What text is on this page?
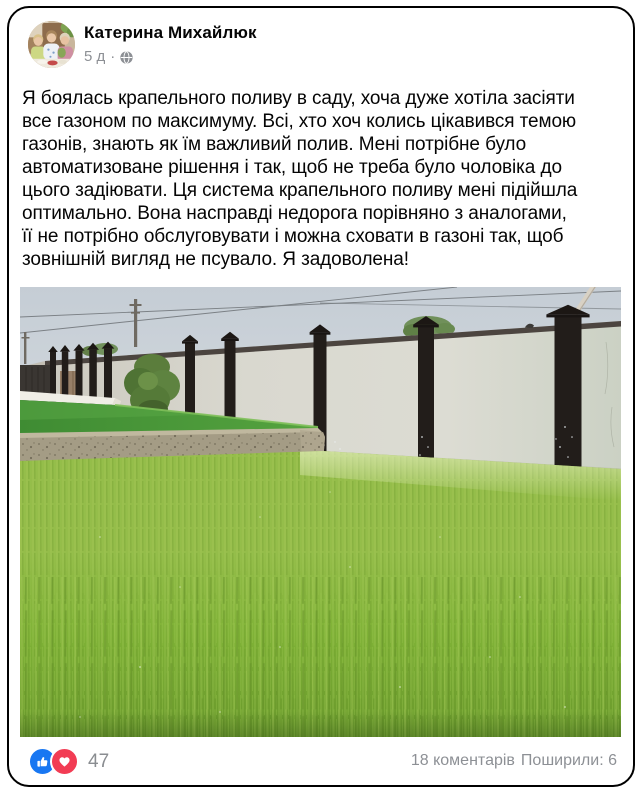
Катерина Михайлюк
5 д ·
Я боялась крапельного поливу в саду, хоча дуже хотіла засіяти
все газоном по максимуму. Всі, хто хоч колись цікавився темою
газонів, знають як їм важливий полив. Мені потрібне було
автоматизоване рішення і так, щоб не треба було чоловіка до
цього задіювати. Ця система крапельного поливу мені підійшла
оптимально. Вона насправді недорога порівняно з аналогами,
її не потрібно обслуговувати і можна сховати в газоні так, щоб
зовнішній вигляд не псувало. Я задоволена!
47	18 коментарів Поширили: 6
